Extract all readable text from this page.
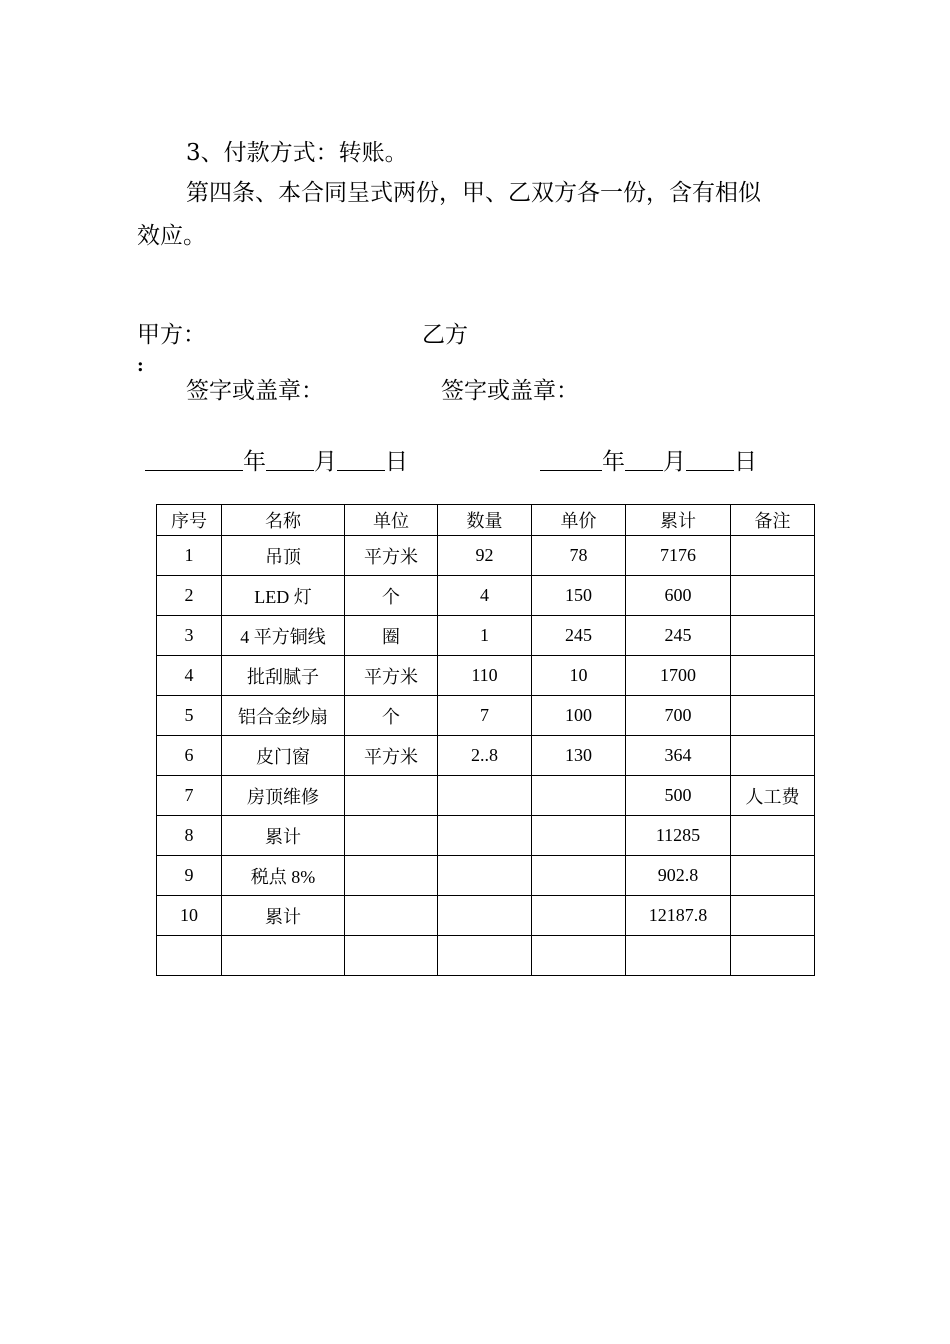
3、付款方式：转账。
第四条、本合同呈式两份，甲、乙双方各一份，含有相似
效应。
甲方：
:
乙方
签字或盖章：	签字或盖章：
年 月 日	年 月 日
序号	名称	单位	数量	单价	累计	备注
1	吊顶	平方米	92	78	7176	
2	LED 灯	个	4	150	600	
3	4 平方铜线	圈	1	245	245	
4	批刮腻子	平方米	110	10	1700	
5	铝合金纱扇	个	7	100	700	
6	皮门窗	平方米	2..8	130	364	
7	房顶维修				500	人工费
8	累计				11285	
9	税点 8%				902.8	
10	累计				12187.8	
